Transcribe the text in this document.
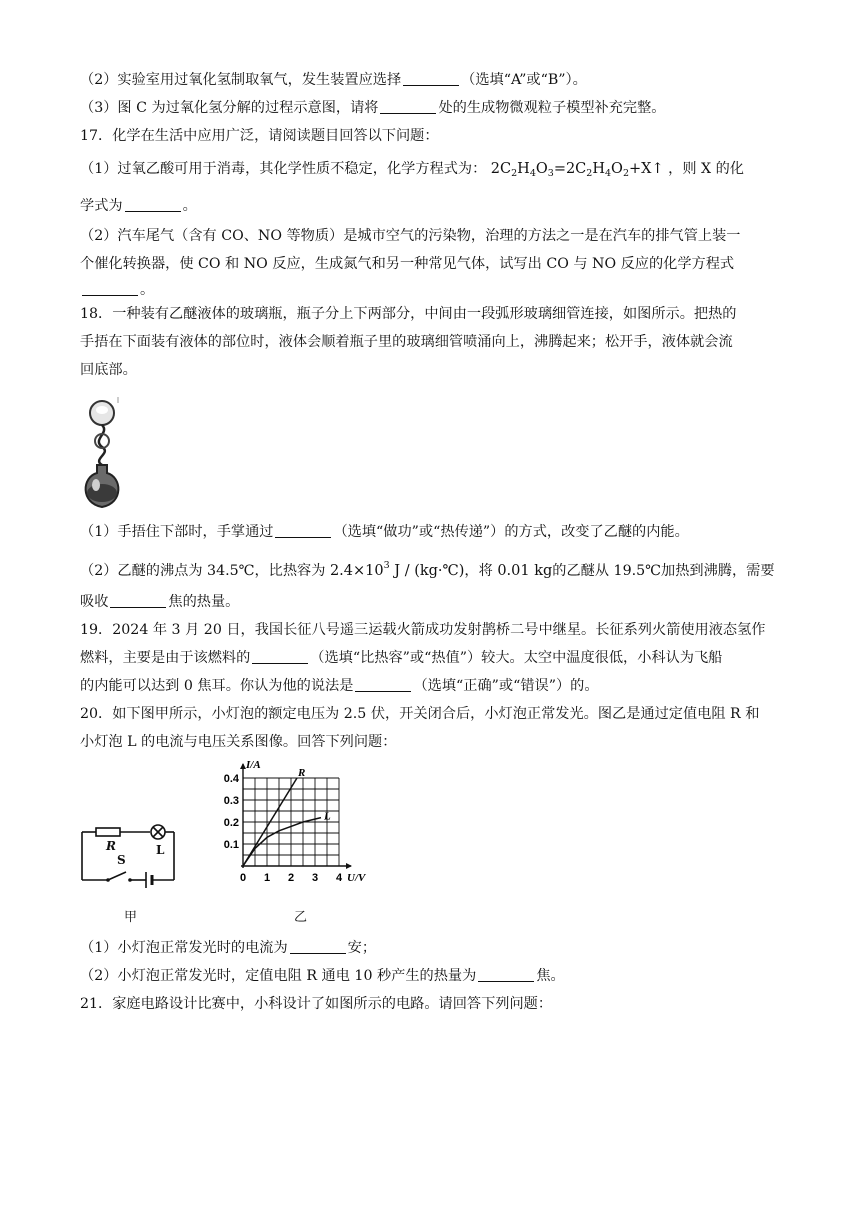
（2）实验室用过氧化氢制取氧气，发生装置应选择	（选填“A”或“B”）。
（3）图 C 为过氧化氢分解的过程示意图，请将	处的生成物微观粒子模型补充完整。
17．化学在生活中应用广泛，请阅读题目回答以下问题：
（1）过氧乙酸可用于消毒，其化学性质不稳定，化学方程式为： $2C_2H_4O_3=2C_2H_4O_2+X↑$ ，则 X 的化
学式为	。
（2）汽车尾气（含有 CO、NO 等物质）是城市空气的污染物，治理的方法之一是在汽车的排气管上装一
个催化转换器，使 CO 和 NO 反应，生成氮气和另一种常见气体，试写出 CO 与 NO 反应的化学方程式
。
18．一种装有乙醚液体的玻璃瓶，瓶子分上下两部分，中间由一段弧形玻璃细管连接，如图所示。把热的
手捂在下面装有液体的部位时，液体会顺着瓶子里的玻璃细管喷涌向上，沸腾起来；松开手，液体就会流
回底部。
（1）手捂住下部时，手掌通过	（选填“做功”或“热传递”）的方式，改变了乙醚的内能。
（2）乙醚的沸点为 34.5℃，比热容为 $2.4\times 10^3$ J / (kg·℃)，将 0.01 kg的乙醚从 19.5℃加热到沸腾，需要
吸收	焦的热量。
19．2024 年 3 月 20 日，我国长征八号遥三运载火箭成功发射鹊桥二号中继星。长征系列火箭使用液态氢作
燃料，主要是由于该燃料的	（选填“比热容”或“热值”）较大。太空中温度很低，小科认为飞船
的内能可以达到 0 焦耳。你认为他的说法是	（选填“正确”或“错误”）的。
20．如下图甲所示，小灯泡的额定电压为 2.5 伏，开关闭合后，小灯泡正常发光。图乙是通过定值电阻 R 和
小灯泡 L 的电流与电压关系图像。回答下列问题：
R	L
S
甲
R
L
0.4
0.3
0.2
0.1
0 1 2 3 4
I/A
U/V
乙
（1）小灯泡正常发光时的电流为	安；
（2）小灯泡正常发光时，定值电阻 R 通电 10 秒产生的热量为	焦。
21．家庭电路设计比赛中，小科设计了如图所示的电路。请回答下列问题：
